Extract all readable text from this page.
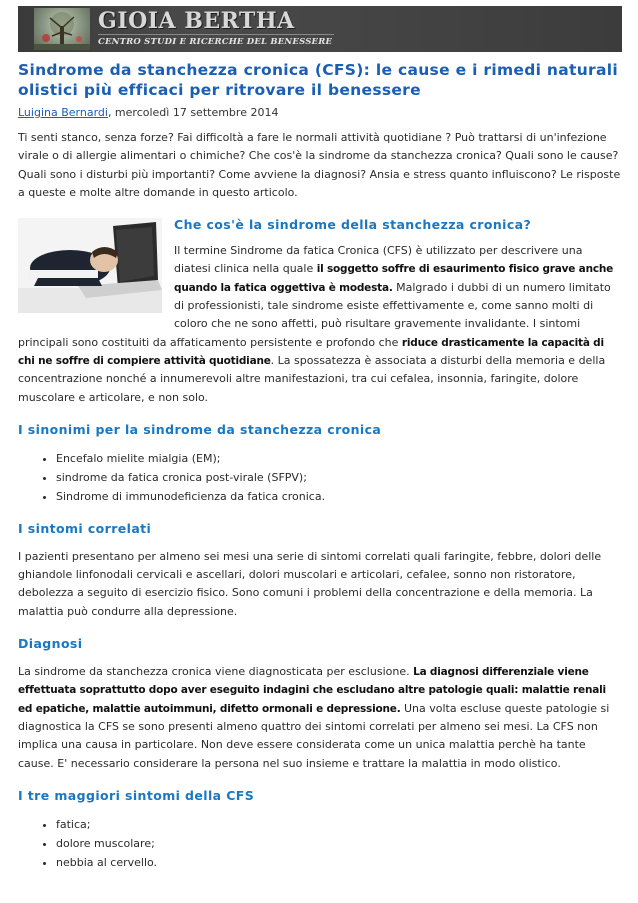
GIOIA BERTHA
CENTRO STUDI E RICERCHE DEL BENESSERE
Sindrome da stanchezza cronica (CFS): le cause e i rimedi naturali olistici più efficaci per ritrovare il benessere
Luigina Bernardi, mercoledì 17 settembre 2014

Ti senti stanco, senza forze? Fai difficoltà a fare le normali attività quotidiane ? Può trattarsi di un'infezione virale o di allergie alimentari o chimiche? Che cos'è la sindrome da stanchezza cronica? Quali sono le cause? Quali sono i disturbi più importanti? Come avviene la diagnosi? Ansia e stress quanto influiscono? Le risposte a queste e molte altre domande in questo articolo.

Che cos'è la sindrome della stanchezza cronica?

Il termine Sindrome da fatica Cronica (CFS) è utilizzato per descrivere una diatesi clinica nella quale il soggetto soffre di esaurimento fisico grave anche quando la fatica oggettiva è modesta. Malgrado i dubbi di un numero limitato di professionisti, tale sindrome esiste effettivamente e, come sanno molti di coloro che ne sono affetti, può risultare gravemente invalidante. I sintomi principali sono costituiti da affaticamento persistente e profondo che riduce drasticamente la capacità di chi ne soffre di compiere attività quotidiane. La spossatezza è associata a disturbi della memoria e della concentrazione nonché a innumerevoli altre manifestazioni, tra cui cefalea, insonnia, faringite, dolore muscolare e articolare, e non solo.

I sinonimi per la sindrome da stanchezza cronica
• Encefalo mielite mialgia (EM);
• sindrome da fatica cronica post-virale (SFPV);
• Sindrome di immunodeficienza da fatica cronica.
I sintomi correlati

I pazienti presentano per almeno sei mesi una serie di sintomi correlati quali faringite, febbre, dolori delle ghiandole linfonodali cervicali e ascellari, dolori muscolari e articolari, cefalee, sonno non ristoratore, debolezza a seguito di esercizio fisico. Sono comuni i problemi della concentrazione e della memoria. La malattia può condurre alla depressione.

Diagnosi

La sindrome da stanchezza cronica viene diagnosticata per esclusione. La diagnosi differenziale viene effettuata soprattutto dopo aver eseguito indagini che escludano altre patologie quali: malattie renali ed epatiche, malattie autoimmuni, difetto ormonali e depressione. Una volta escluse queste patologie si diagnostica la CFS se sono presenti almeno quattro dei sintomi correlati per almeno sei mesi. La CFS non implica una causa in particolare. Non deve essere considerata come un unica malattia perchè ha tante cause. E' necessario considerare la persona nel suo insieme e trattare la malattia in modo olistico.

I tre maggiori sintomi della CFS
• fatica;
• dolore muscolare;
• nebbia al cervello.
